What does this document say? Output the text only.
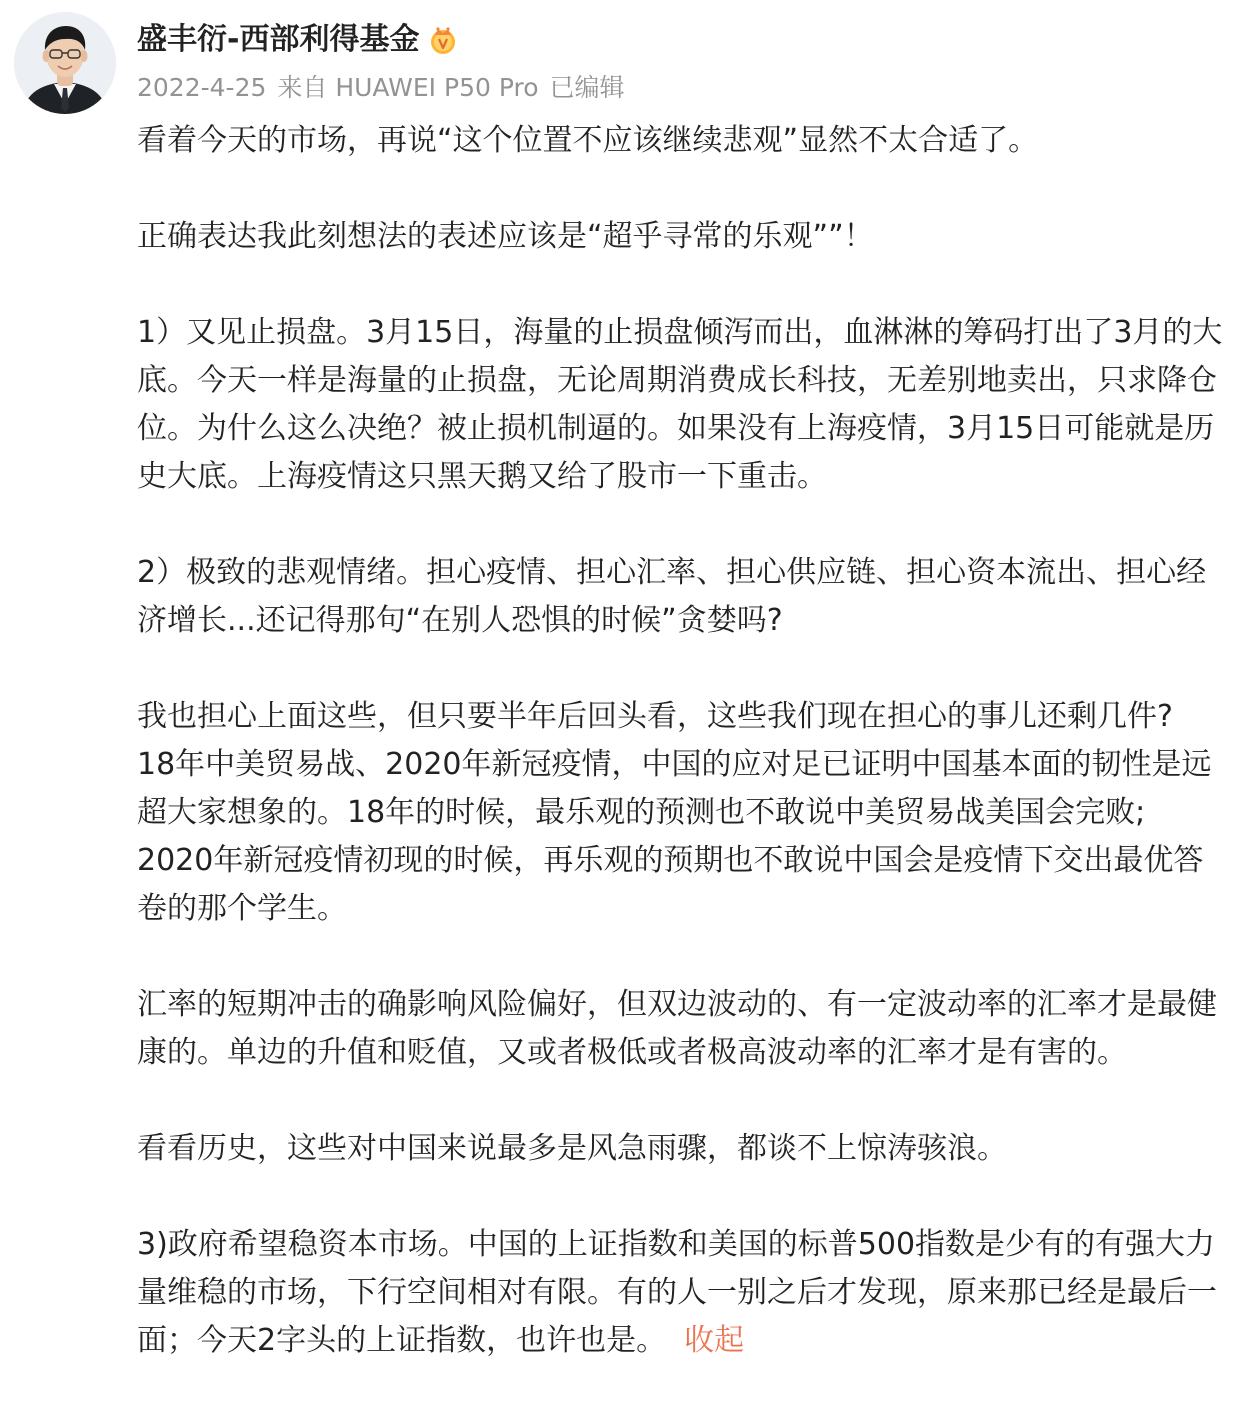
盛丰衍-西部利得基金
2022-4-25 来自 HUAWEI P50 Pro 已编辑

看着今天的市场，再说“这个位置不应该继续悲观”显然不太合适了。

正确表达我此刻想法的表述应该是“超乎寻常的乐观””！

1）又见止损盘。3月15日，海量的止损盘倾泻而出，血淋淋的筹码打出了3月的大
底。今天一样是海量的止损盘，无论周期消费成长科技，无差别地卖出，只求降仓
位。为什么这么决绝？被止损机制逼的。如果没有上海疫情，3月15日可能就是历
史大底。上海疫情这只黑天鹅又给了股市一下重击。

2）极致的悲观情绪。担心疫情、担心汇率、担心供应链、担心资本流出、担心经
济增长...还记得那句“在别人恐惧的时候”贪婪吗?

我也担心上面这些，但只要半年后回头看，这些我们现在担心的事儿还剩几件?
18年中美贸易战、2020年新冠疫情，中国的应对足已证明中国基本面的韧性是远
超大家想象的。18年的时候，最乐观的预测也不敢说中美贸易战美国会完败;
2020年新冠疫情初现的时候，再乐观的预期也不敢说中国会是疫情下交出最优答
卷的那个学生。

汇率的短期冲击的确影响风险偏好，但双边波动的、有一定波动率的汇率才是最健
康的。单边的升值和贬值，又或者极低或者极高波动率的汇率才是有害的。

看看历史，这些对中国来说最多是风急雨骤，都谈不上惊涛骇浪。

3)政府希望稳资本市场。中国的上证指数和美国的标普500指数是少有的有强大力
量维稳的市场，下行空间相对有限。有的人一别之后才发现，原来那已经是最后一
面；今天2字头的上证指数，也许也是。 收起
